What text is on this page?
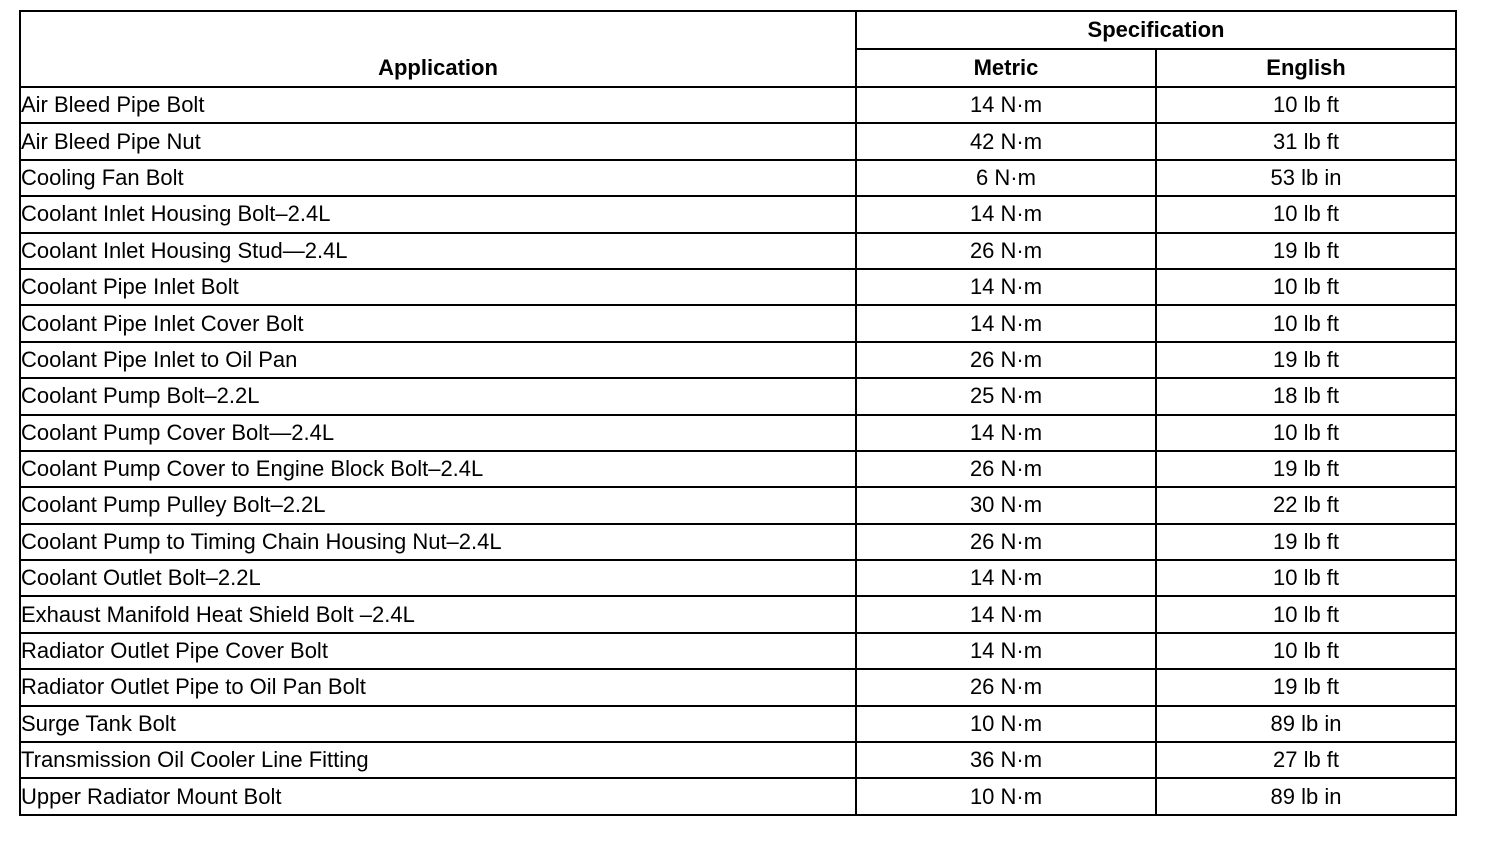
Application	Specification	
	Metric	English
Air Bleed Pipe Bolt	14 N·m	10 lb ft
Air Bleed Pipe Nut	42 N·m	31 lb ft
Cooling Fan Bolt	6 N·m	53 lb in
Coolant Inlet Housing Bolt–2.4L	14 N·m	10 lb ft
Coolant Inlet Housing Stud—2.4L	26 N·m	19 lb ft
Coolant Pipe Inlet Bolt	14 N·m	10 lb ft
Coolant Pipe Inlet Cover Bolt	14 N·m	10 lb ft
Coolant Pipe Inlet to Oil Pan	26 N·m	19 lb ft
Coolant Pump Bolt–2.2L	25 N·m	18 lb ft
Coolant Pump Cover Bolt—2.4L	14 N·m	10 lb ft
Coolant Pump Cover to Engine Block Bolt–2.4L	26 N·m	19 lb ft
Coolant Pump Pulley Bolt–2.2L	30 N·m	22 lb ft
Coolant Pump to Timing Chain Housing Nut–2.4L	26 N·m	19 lb ft
Coolant Outlet Bolt–2.2L	14 N·m	10 lb ft
Exhaust Manifold Heat Shield Bolt –2.4L	14 N·m	10 lb ft
Radiator Outlet Pipe Cover Bolt	14 N·m	10 lb ft
Radiator Outlet Pipe to Oil Pan Bolt	26 N·m	19 lb ft
Surge Tank Bolt	10 N·m	89 lb in
Transmission Oil Cooler Line Fitting	36 N·m	27 lb ft
Upper Radiator Mount Bolt	10 N·m	89 lb in
